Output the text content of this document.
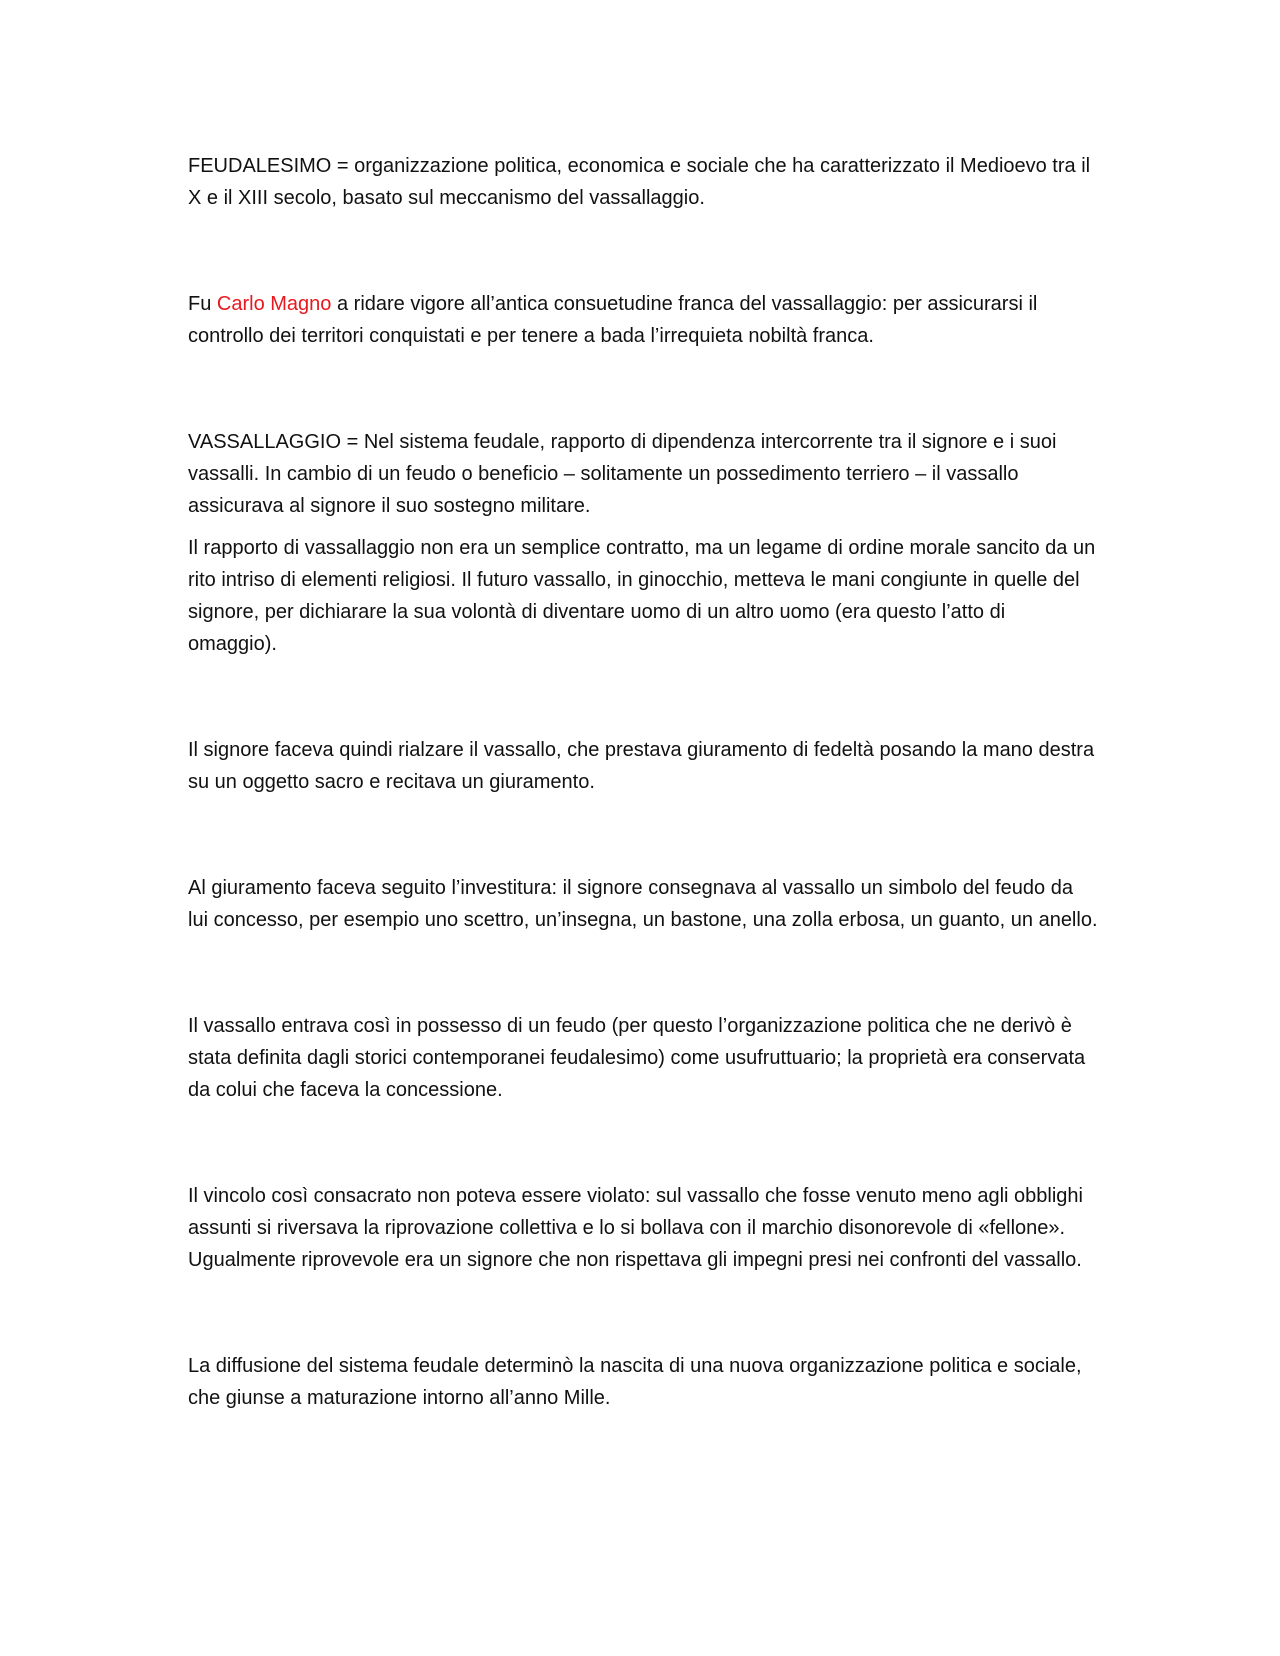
FEUDALESIMO = organizzazione politica, economica e sociale che ha caratterizzato il Medioevo tra il X e il XIII secolo, basato sul meccanismo del vassallaggio.

Fu Carlo Magno a ridare vigore all’antica consuetudine franca del vassallaggio: per assicurarsi il controllo dei territori conquistati e per tenere a bada l’irrequieta nobiltà franca.

VASSALLAGGIO = Nel sistema feudale, rapporto di dipendenza intercorrente tra il signore e i suoi vassalli. In cambio di un feudo o beneficio – solitamente un possedimento terriero – il vassallo assicurava al signore il suo sostegno militare.

Il rapporto di vassallaggio non era un semplice contratto, ma un legame di ordine morale sancito da un rito intriso di elementi religiosi. Il futuro vassallo, in ginocchio, metteva le mani congiunte in quelle del signore, per dichiarare la sua volontà di diventare uomo di un altro uomo (era questo l’atto di omaggio).

Il signore faceva quindi rialzare il vassallo, che prestava giuramento di fedeltà posando la mano destra su un oggetto sacro e recitava un giuramento.

Al giuramento faceva seguito l’investitura: il signore consegnava al vassallo un simbolo del feudo da lui concesso, per esempio uno scettro, un’insegna, un bastone, una zolla erbosa, un guanto, un anello.

Il vassallo entrava così in possesso di un feudo (per questo l’organizzazione politica che ne derivò è stata definita dagli storici contemporanei feudalesimo) come usufruttuario; la proprietà era conservata da colui che faceva la concessione.

Il vincolo così consacrato non poteva essere violato: sul vassallo che fosse venuto meno agli obblighi assunti si riversava la riprovazione collettiva e lo si bollava con il marchio disonorevole di «fellone». Ugualmente riprovevole era un signore che non rispettava gli impegni presi nei confronti del vassallo.

La diffusione del sistema feudale determinò la nascita di una nuova organizzazione politica e sociale, che giunse a maturazione intorno all’anno Mille.
